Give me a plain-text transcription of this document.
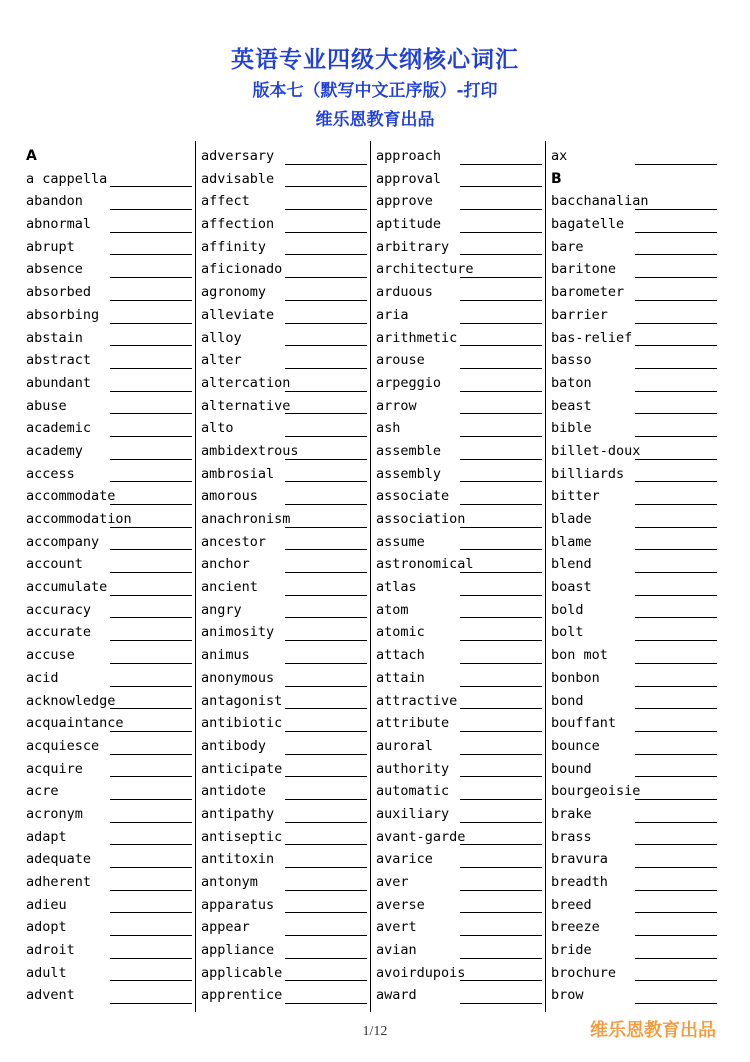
英语专业四级大纲核心词汇
版本七（默写中文正序版）-打印
维乐恩教育出品
A
a cappella
abandon
abnormal
abrupt
absence
absorbed
absorbing
abstain
abstract
abundant
abuse
academic
academy
access
accommodate
accommodation
accompany
account
accumulate
accuracy
accurate
accuse
acid
acknowledge
acquaintance
acquiesce
acquire
acre
acronym
adapt
adequate
adherent
adieu
adopt
adroit
adult
advent
adversary
advisable
affect
affection
affinity
aficionado
agronomy
alleviate
alloy
alter
altercation
alternative
alto
ambidextrous
ambrosial
amorous
anachronism
ancestor
anchor
ancient
angry
animosity
animus
anonymous
antagonist
antibiotic
antibody
anticipate
antidote
antipathy
antiseptic
antitoxin
antonym
apparatus
appear
appliance
applicable
apprentice
approach
approval
approve
aptitude
arbitrary
architecture
arduous
aria
arithmetic
arouse
arpeggio
arrow
ash
assemble
assembly
associate
association
assume
astronomical
atlas
atom
atomic
attach
attain
attractive
attribute
auroral
authority
automatic
auxiliary
avant-garde
avarice
aver
averse
avert
avian
avoirdupois
award
ax
B
bacchanalian
bagatelle
bare
baritone
barometer
barrier
bas-relief
basso
baton
beast
bible
billet-doux
billiards
bitter
blade
blame
blend
boast
bold
bolt
bon mot
bonbon
bond
bouffant
bounce
bound
bourgeoisie
brake
brass
bravura
breadth
breed
breeze
bride
brochure
brow
1/12	维乐恩教育出品
